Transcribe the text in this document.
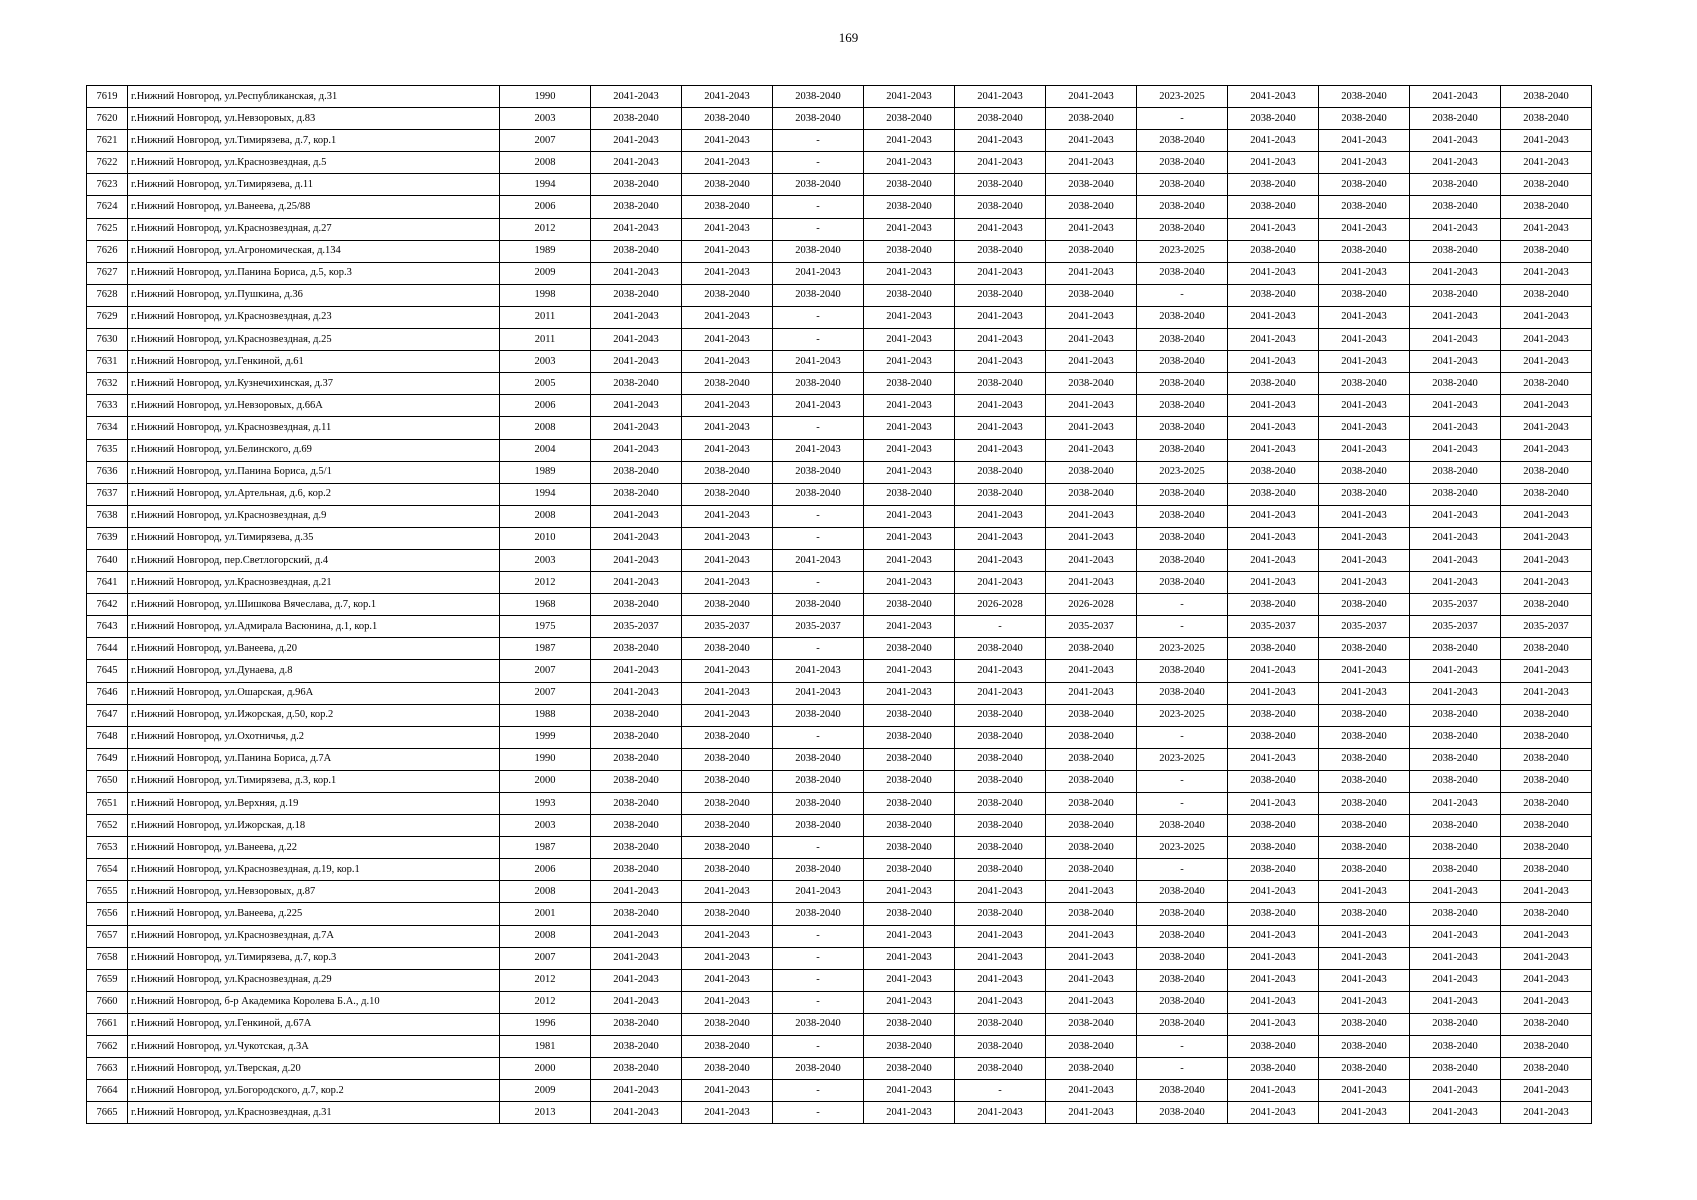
169
7619	г.Нижний Новгород, ул.Республиканская, д.31	1990	2041-2043	2041-2043	2038-2040	2041-2043	2041-2043	2041-2043	2023-2025	2041-2043	2038-2040	2041-2043	2038-2040
7620	г.Нижний Новгород, ул.Невзоровых, д.83	2003	2038-2040	2038-2040	2038-2040	2038-2040	2038-2040	2038-2040	-	2038-2040	2038-2040	2038-2040	2038-2040
7621	г.Нижний Новгород, ул.Тимирязева, д.7, кор.1	2007	2041-2043	2041-2043	-	2041-2043	2041-2043	2041-2043	2038-2040	2041-2043	2041-2043	2041-2043	2041-2043
7622	г.Нижний Новгород, ул.Краснозвездная, д.5	2008	2041-2043	2041-2043	-	2041-2043	2041-2043	2041-2043	2038-2040	2041-2043	2041-2043	2041-2043	2041-2043
7623	г.Нижний Новгород, ул.Тимирязева, д.11	1994	2038-2040	2038-2040	2038-2040	2038-2040	2038-2040	2038-2040	2038-2040	2038-2040	2038-2040	2038-2040	2038-2040
7624	г.Нижний Новгород, ул.Ванеева, д.25/88	2006	2038-2040	2038-2040	-	2038-2040	2038-2040	2038-2040	2038-2040	2038-2040	2038-2040	2038-2040	2038-2040
7625	г.Нижний Новгород, ул.Краснозвездная, д.27	2012	2041-2043	2041-2043	-	2041-2043	2041-2043	2041-2043	2038-2040	2041-2043	2041-2043	2041-2043	2041-2043
7626	г.Нижний Новгород, ул.Агрономическая, д.134	1989	2038-2040	2041-2043	2038-2040	2038-2040	2038-2040	2038-2040	2023-2025	2038-2040	2038-2040	2038-2040	2038-2040
7627	г.Нижний Новгород, ул.Панина Бориса, д.5, кор.3	2009	2041-2043	2041-2043	2041-2043	2041-2043	2041-2043	2041-2043	2038-2040	2041-2043	2041-2043	2041-2043	2041-2043
7628	г.Нижний Новгород, ул.Пушкина, д.36	1998	2038-2040	2038-2040	2038-2040	2038-2040	2038-2040	2038-2040	-	2038-2040	2038-2040	2038-2040	2038-2040
7629	г.Нижний Новгород, ул.Краснозвездная, д.23	2011	2041-2043	2041-2043	-	2041-2043	2041-2043	2041-2043	2038-2040	2041-2043	2041-2043	2041-2043	2041-2043
7630	г.Нижний Новгород, ул.Краснозвездная, д.25	2011	2041-2043	2041-2043	-	2041-2043	2041-2043	2041-2043	2038-2040	2041-2043	2041-2043	2041-2043	2041-2043
7631	г.Нижний Новгород, ул.Генкиной, д.61	2003	2041-2043	2041-2043	2041-2043	2041-2043	2041-2043	2041-2043	2038-2040	2041-2043	2041-2043	2041-2043	2041-2043
7632	г.Нижний Новгород, ул.Кузнечихинская, д.37	2005	2038-2040	2038-2040	2038-2040	2038-2040	2038-2040	2038-2040	2038-2040	2038-2040	2038-2040	2038-2040	2038-2040
7633	г.Нижний Новгород, ул.Невзоровых, д.66А	2006	2041-2043	2041-2043	2041-2043	2041-2043	2041-2043	2041-2043	2038-2040	2041-2043	2041-2043	2041-2043	2041-2043
7634	г.Нижний Новгород, ул.Краснозвездная, д.11	2008	2041-2043	2041-2043	-	2041-2043	2041-2043	2041-2043	2038-2040	2041-2043	2041-2043	2041-2043	2041-2043
7635	г.Нижний Новгород, ул.Белинского, д.69	2004	2041-2043	2041-2043	2041-2043	2041-2043	2041-2043	2041-2043	2038-2040	2041-2043	2041-2043	2041-2043	2041-2043
7636	г.Нижний Новгород, ул.Панина Бориса, д.5/1	1989	2038-2040	2038-2040	2038-2040	2041-2043	2038-2040	2038-2040	2023-2025	2038-2040	2038-2040	2038-2040	2038-2040
7637	г.Нижний Новгород, ул.Артельная, д.6, кор.2	1994	2038-2040	2038-2040	2038-2040	2038-2040	2038-2040	2038-2040	2038-2040	2038-2040	2038-2040	2038-2040	2038-2040
7638	г.Нижний Новгород, ул.Краснозвездная, д.9	2008	2041-2043	2041-2043	-	2041-2043	2041-2043	2041-2043	2038-2040	2041-2043	2041-2043	2041-2043	2041-2043
7639	г.Нижний Новгород, ул.Тимирязева, д.35	2010	2041-2043	2041-2043	-	2041-2043	2041-2043	2041-2043	2038-2040	2041-2043	2041-2043	2041-2043	2041-2043
7640	г.Нижний Новгород, пер.Светлогорский, д.4	2003	2041-2043	2041-2043	2041-2043	2041-2043	2041-2043	2041-2043	2038-2040	2041-2043	2041-2043	2041-2043	2041-2043
7641	г.Нижний Новгород, ул.Краснозвездная, д.21	2012	2041-2043	2041-2043	-	2041-2043	2041-2043	2041-2043	2038-2040	2041-2043	2041-2043	2041-2043	2041-2043
7642	г.Нижний Новгород, ул.Шишкова Вячеслава, д.7, кор.1	1968	2038-2040	2038-2040	2038-2040	2038-2040	2026-2028	2026-2028	-	2038-2040	2038-2040	2035-2037	2038-2040
7643	г.Нижний Новгород, ул.Адмирала Васюнина, д.1, кор.1	1975	2035-2037	2035-2037	2035-2037	2041-2043	-	2035-2037	-	2035-2037	2035-2037	2035-2037	2035-2037
7644	г.Нижний Новгород, ул.Ванеева, д.20	1987	2038-2040	2038-2040	-	2038-2040	2038-2040	2038-2040	2023-2025	2038-2040	2038-2040	2038-2040	2038-2040
7645	г.Нижний Новгород, ул.Дунаева, д.8	2007	2041-2043	2041-2043	2041-2043	2041-2043	2041-2043	2041-2043	2038-2040	2041-2043	2041-2043	2041-2043	2041-2043
7646	г.Нижний Новгород, ул.Ошарская, д.96А	2007	2041-2043	2041-2043	2041-2043	2041-2043	2041-2043	2041-2043	2038-2040	2041-2043	2041-2043	2041-2043	2041-2043
7647	г.Нижний Новгород, ул.Ижорская, д.50, кор.2	1988	2038-2040	2041-2043	2038-2040	2038-2040	2038-2040	2038-2040	2023-2025	2038-2040	2038-2040	2038-2040	2038-2040
7648	г.Нижний Новгород, ул.Охотничья, д.2	1999	2038-2040	2038-2040	-	2038-2040	2038-2040	2038-2040	-	2038-2040	2038-2040	2038-2040	2038-2040
7649	г.Нижний Новгород, ул.Панина Бориса, д.7А	1990	2038-2040	2038-2040	2038-2040	2038-2040	2038-2040	2038-2040	2023-2025	2041-2043	2038-2040	2038-2040	2038-2040
7650	г.Нижний Новгород, ул.Тимирязева, д.3, кор.1	2000	2038-2040	2038-2040	2038-2040	2038-2040	2038-2040	2038-2040	-	2038-2040	2038-2040	2038-2040	2038-2040
7651	г.Нижний Новгород, ул.Верхняя, д.19	1993	2038-2040	2038-2040	2038-2040	2038-2040	2038-2040	2038-2040	-	2041-2043	2038-2040	2041-2043	2038-2040
7652	г.Нижний Новгород, ул.Ижорская, д.18	2003	2038-2040	2038-2040	2038-2040	2038-2040	2038-2040	2038-2040	2038-2040	2038-2040	2038-2040	2038-2040	2038-2040
7653	г.Нижний Новгород, ул.Ванеева, д.22	1987	2038-2040	2038-2040	-	2038-2040	2038-2040	2038-2040	2023-2025	2038-2040	2038-2040	2038-2040	2038-2040
7654	г.Нижний Новгород, ул.Краснозвездная, д.19, кор.1	2006	2038-2040	2038-2040	2038-2040	2038-2040	2038-2040	2038-2040	-	2038-2040	2038-2040	2038-2040	2038-2040
7655	г.Нижний Новгород, ул.Невзоровых, д.87	2008	2041-2043	2041-2043	2041-2043	2041-2043	2041-2043	2041-2043	2038-2040	2041-2043	2041-2043	2041-2043	2041-2043
7656	г.Нижний Новгород, ул.Ванеева, д.225	2001	2038-2040	2038-2040	2038-2040	2038-2040	2038-2040	2038-2040	2038-2040	2038-2040	2038-2040	2038-2040	2038-2040
7657	г.Нижний Новгород, ул.Краснозвездная, д.7А	2008	2041-2043	2041-2043	-	2041-2043	2041-2043	2041-2043	2038-2040	2041-2043	2041-2043	2041-2043	2041-2043
7658	г.Нижний Новгород, ул.Тимирязева, д.7, кор.3	2007	2041-2043	2041-2043	-	2041-2043	2041-2043	2041-2043	2038-2040	2041-2043	2041-2043	2041-2043	2041-2043
7659	г.Нижний Новгород, ул.Краснозвездная, д.29	2012	2041-2043	2041-2043	-	2041-2043	2041-2043	2041-2043	2038-2040	2041-2043	2041-2043	2041-2043	2041-2043
7660	г.Нижний Новгород, б-р Академика Королева Б.А., д.10	2012	2041-2043	2041-2043	-	2041-2043	2041-2043	2041-2043	2038-2040	2041-2043	2041-2043	2041-2043	2041-2043
7661	г.Нижний Новгород, ул.Генкиной, д.67А	1996	2038-2040	2038-2040	2038-2040	2038-2040	2038-2040	2038-2040	2038-2040	2041-2043	2038-2040	2038-2040	2038-2040
7662	г.Нижний Новгород, ул.Чукотская, д.3А	1981	2038-2040	2038-2040	-	2038-2040	2038-2040	2038-2040	-	2038-2040	2038-2040	2038-2040	2038-2040
7663	г.Нижний Новгород, ул.Тверская, д.20	2000	2038-2040	2038-2040	2038-2040	2038-2040	2038-2040	2038-2040	-	2038-2040	2038-2040	2038-2040	2038-2040
7664	г.Нижний Новгород, ул.Богородского, д.7, кор.2	2009	2041-2043	2041-2043	-	2041-2043	-	2041-2043	2038-2040	2041-2043	2041-2043	2041-2043	2041-2043
7665	г.Нижний Новгород, ул.Краснозвездная, д.31	2013	2041-2043	2041-2043	-	2041-2043	2041-2043	2041-2043	2038-2040	2041-2043	2041-2043	2041-2043	2041-2043
